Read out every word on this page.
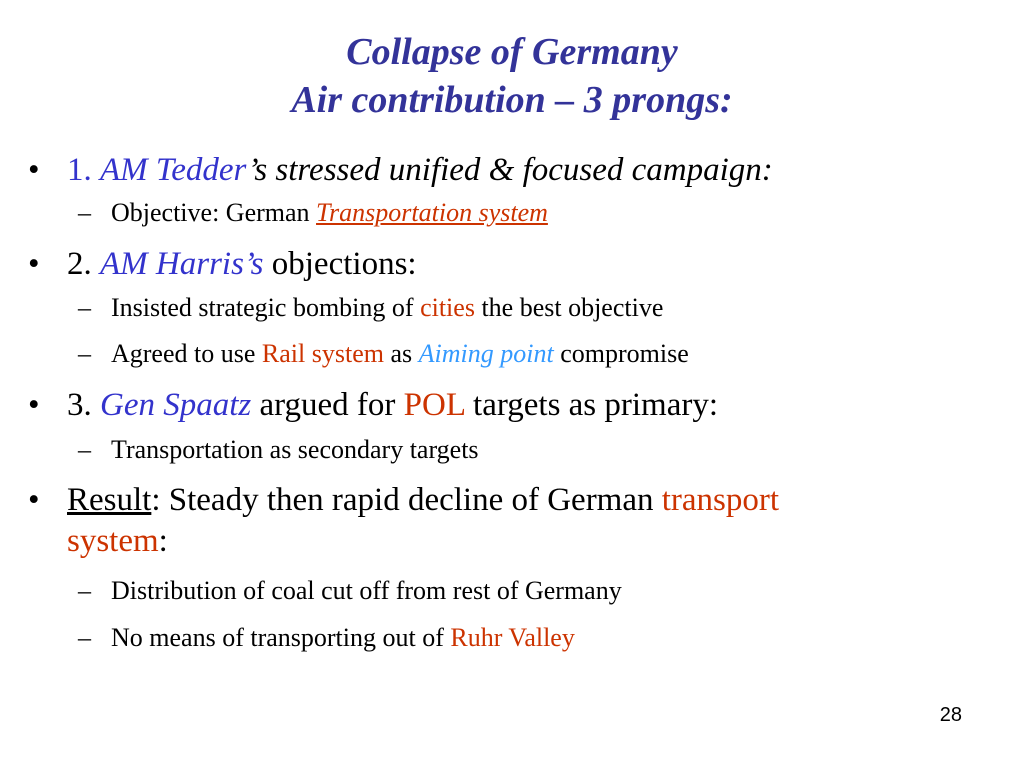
Collapse of Germany
Air contribution – 3 prongs:
• 1. AM Tedder’s stressed unified & focused campaign:
– Objective: German Transportation system
• 2. AM Harris’s objections:
– Insisted strategic bombing of cities the best objective
– Agreed to use Rail system as Aiming point compromise
• 3. Gen Spaatz argued for POL targets as primary:
– Transportation as secondary targets
• Result: Steady then rapid decline of German transport
system:
– Distribution of coal cut off from rest of Germany
– No means of transporting out of Ruhr Valley
28
